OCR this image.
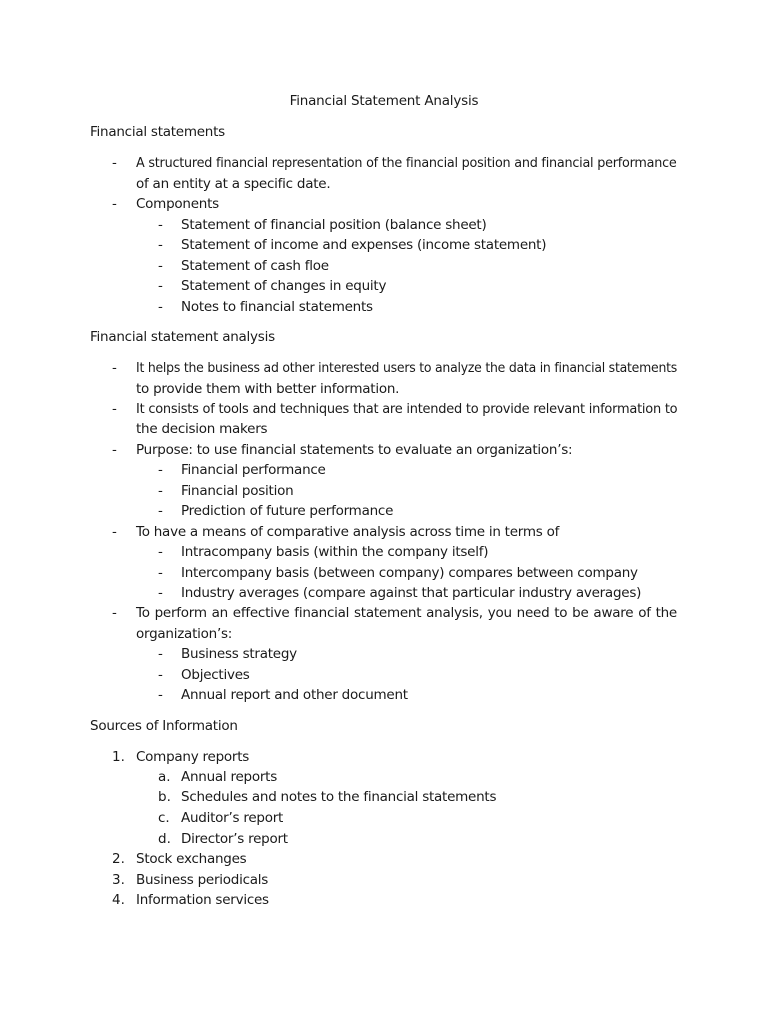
Financial Statement Analysis
Financial statements
- A structured financial representation of the financial position and financial performance
of an entity at a specific date.
- Components
- Statement of financial position (balance sheet)
- Statement of income and expenses (income statement)
- Statement of cash floe
- Statement of changes in equity
- Notes to financial statements
Financial statement analysis
- It helps the business ad other interested users to analyze the data in financial statements
to provide them with better information.
- It consists of tools and techniques that are intended to provide relevant information to
the decision makers
- Purpose: to use financial statements to evaluate an organization’s:
- Financial performance
- Financial position
- Prediction of future performance
- To have a means of comparative analysis across time in terms of
- Intracompany basis (within the company itself)
- Intercompany basis (between company) compares between company
- Industry averages (compare against that particular industry averages)
- To perform an effective financial statement analysis, you need to be aware of the
organization’s:
- Business strategy
- Objectives
- Annual report and other document
Sources of Information
1. Company reports
a. Annual reports
b. Schedules and notes to the financial statements
c. Auditor’s report
d. Director’s report
2. Stock exchanges
3. Business periodicals
4. Information services
